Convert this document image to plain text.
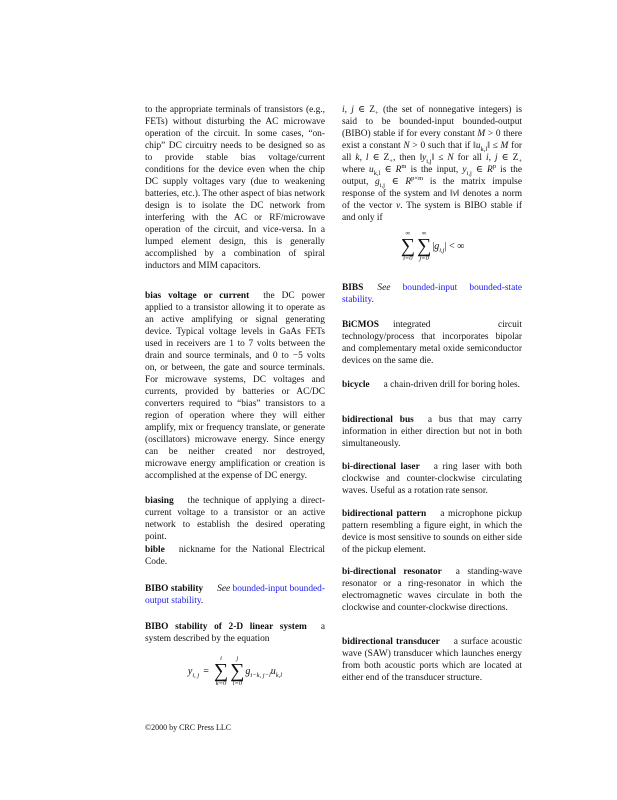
to the appropriate terminals of transistors (e.g., FETs) without disturbing the AC microwave operation of the circuit. In some cases, “on-chip” DC circuitry needs to be designed so as to provide stable bias voltage/current conditions for the device even when the chip DC supply voltages vary (due to weakening batteries, etc.). The other aspect of bias network design is to isolate the DC network from interfering with the AC or RF/microwave operation of the circuit, and vice-versa. In a lumped element design, this is generally accomplished by a combination of spiral inductors and MIM capacitors.
bias voltage or current the DC power applied to a transistor allowing it to operate as an active amplifying or signal generating device. Typical voltage levels in GaAs FETs used in receivers are 1 to 7 volts between the drain and source terminals, and 0 to −5 volts on, or between, the gate and source terminals. For microwave systems, DC voltages and currents, provided by batteries or AC/DC converters required to “bias” transistors to a region of operation where they will either amplify, mix or frequency translate, or generate (oscillators) microwave energy. Since energy can be neither created nor destroyed, microwave energy amplification or creation is accomplished at the expense of DC energy.
biasing the technique of applying a direct-current voltage to a transistor or an active network to establish the desired operating point.
bible nickname for the National Electrical Code.
BIBO stability See bounded-input bounded-output stability.
BIBO stability of 2-D linear system a system described by the equation
i, j ∈ $Z_+$ (the set of nonnegative integers) is said to be bounded-input bounded-output (BIBO) stable if for every constant M > 0 there exist a constant N > 0 such that if $‖u_{k,l}‖ \le M$ for all k, l ∈ $Z_+$, then $‖y_{i,j}‖ \le N$ for all i, j ∈ $Z_+$ where $u_{k,l}$ ∈ $R^m$ is the input, $y_{i,j}$ ∈ $R^p$ is the output, $g_{i,j}$ ∈ $R^{p\times m}$ is the matrix impulse response of the system and ‖v‖ denotes a norm of the vector v. The system is BIBO stable if and only if
BIBS See bounded-input bounded-state stability.
BiCMOS integrated circuit technology/process that incorporates bipolar and complementary metal oxide semiconductor devices on the same die.
bicycle a chain-driven drill for boring holes.
bidirectional bus a bus that may carry information in either direction but not in both simultaneously.
bi-directional laser a ring laser with both clockwise and counter-clockwise circulating waves. Useful as a rotation rate sensor.
bidirectional pattern a microphone pickup pattern resembling a figure eight, in which the device is most sensitive to sounds on either side of the pickup element.
bi-directional resonator a standing-wave resonator or a ring-resonator in which the electromagnetic waves circulate in both the clockwise and counter-clockwise directions.
bidirectional transducer a surface acoustic wave (SAW) transducer which launches energy from both acoustic ports which are located at either end of the transducer structure.
$y_{i, j}$ =
i
∑
k=0
j
∑
l=0
$g_{i-k, j-l}$ $u_{k,l}$
∞
∑
i=0
∞
∑
j=0
$|g_{i,j}|$ < ∞
©2000 by CRC Press LLC
